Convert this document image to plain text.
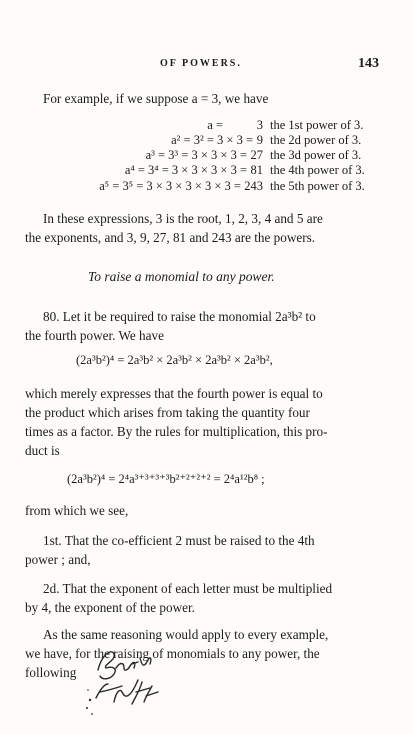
OF POWERS.	143
For example, if we suppose a = 3, we have
a =	3 the 1st power of 3.
9
a² = 3² = 3 × 3 = the 2d power of 3.
27
a³ = 3³ = 3 × 3 × 3 = the 3d power of 3.
81
a⁴ = 3⁴ = 3 × 3 × 3 × 3 = the 4th power of 3.
243
a⁵ = 3⁵ = 3 × 3 × 3 × 3 × 3 = the 5th power of 3.
In these expressions, 3 is the root, 1, 2, 3, 4 and 5 are
the exponents, and 3, 9, 27, 81 and 243 are the powers.
To raise a monomial to any power.
80. Let it be required to raise the monomial 2a³b² to
the fourth power. We have
(2a³b²)⁴ = 2a³b² × 2a³b² × 2a³b² × 2a³b²,
which merely expresses that the fourth power is equal to
the product which arises from taking the quantity four
times as a factor. By the rules for multiplication, this pro-
duct is
(2a³b²)⁴ = 2⁴a³⁺³⁺³⁺³b²⁺²⁺²⁺² = 2⁴a¹²b⁸ ;
from which we see,
1st. That the co-efficient 2 must be raised to the 4th
power ; and,
2d. That the exponent of each letter must be multiplied
by 4, the exponent of the power.
As the same reasoning would apply to every example,
we have, for the raising of monomials to any power, the
following
